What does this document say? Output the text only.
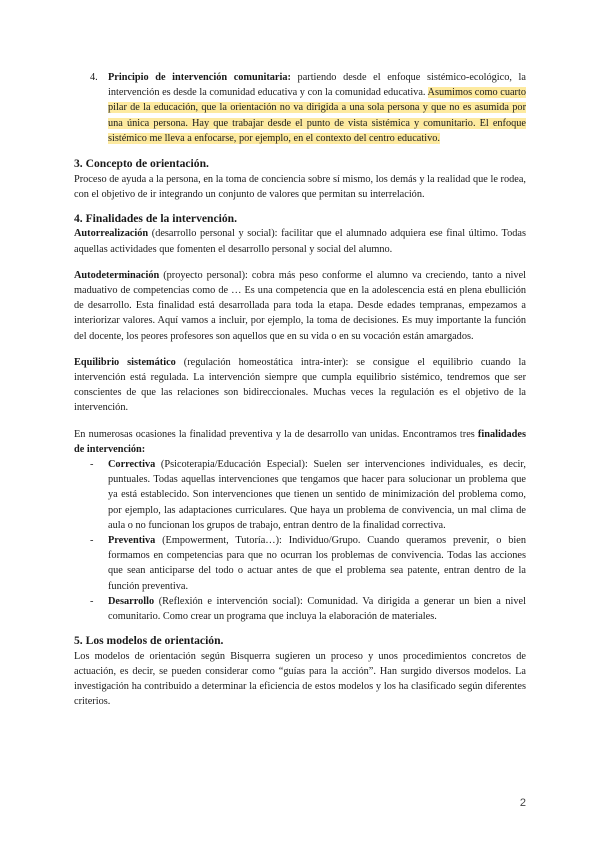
4. Principio de intervención comunitaria: partiendo desde el enfoque sistémico-ecológico, la intervención es desde la comunidad educativa y con la comunidad educativa. Asumimos como cuarto pilar de la educación, que la orientación no va dirigida a una sola persona y que no es asumida por una única persona. Hay que trabajar desde el punto de vista sistémica y comunitario. El enfoque sistémico me lleva a enfocarse, por ejemplo, en el contexto del centro educativo.

3. Concepto de orientación.

Proceso de ayuda a la persona, en la toma de conciencia sobre sí mismo, los demás y la realidad que le rodea, con el objetivo de ir integrando un conjunto de valores que permitan su interrelación.

4. Finalidades de la intervención.

Autorrealización (desarrollo personal y social): facilitar que el alumnado adquiera ese final último. Todas aquellas actividades que fomenten el desarrollo personal y social del alumno.

Autodeterminación (proyecto personal): cobra más peso conforme el alumno va creciendo, tanto a nivel maduativo de competencias como de … Es una competencia que en la adolescencia está en plena ebullición de desarrollo. Esta finalidad está desarrollada para toda la etapa. Desde edades tempranas, empezamos a interiorizar valores. Aquí vamos a incluir, por ejemplo, la toma de decisiones. Es muy importante la función del docente, los peores profesores son aquellos que en su vida o en su vocación están amargados.

Equilibrio sistemático (regulación homeostática intra-inter): se consigue el equilibrio cuando la intervención está regulada. La intervención siempre que cumpla equilibrio sistémico, tendremos que ser conscientes de que las relaciones son bidireccionales. Muchas veces la regulación es el objetivo de la intervención.

En numerosas ocasiones la finalidad preventiva y la de desarrollo van unidas. Encontramos tres finalidades de intervención:

- Correctiva (Psicoterapia/Educación Especial): Suelen ser intervenciones individuales, es decir, puntuales. Todas aquellas intervenciones que tengamos que hacer para solucionar un problema que ya está establecido. Son intervenciones que tienen un sentido de minimización del problema como, por ejemplo, las adaptaciones curriculares. Que haya un problema de convivencia, un mal clima de aula o no funcionan los grupos de trabajo, entran dentro de la finalidad correctiva.
- Preventiva (Empowerment, Tutoría…): Individuo/Grupo. Cuando queramos prevenir, o bien formamos en competencias para que no ocurran los problemas de convivencia. Todas las acciones que sean anticiparse del todo o actuar antes de que el problema sea patente, entran dentro de la función preventiva.
- Desarrollo (Reflexión e intervención social): Comunidad. Va dirigida a generar un bien a nivel comunitario. Como crear un programa que incluya la elaboración de materiales.
5. Los modelos de orientación.

Los modelos de orientación según Bisquerra sugieren un proceso y unos procedimientos concretos de actuación, es decir, se pueden considerar como “guías para la acción”. Han surgido diversos modelos. La investigación ha contribuido a determinar la eficiencia de estos modelos y los ha clasificado según diferentes criterios.

2
